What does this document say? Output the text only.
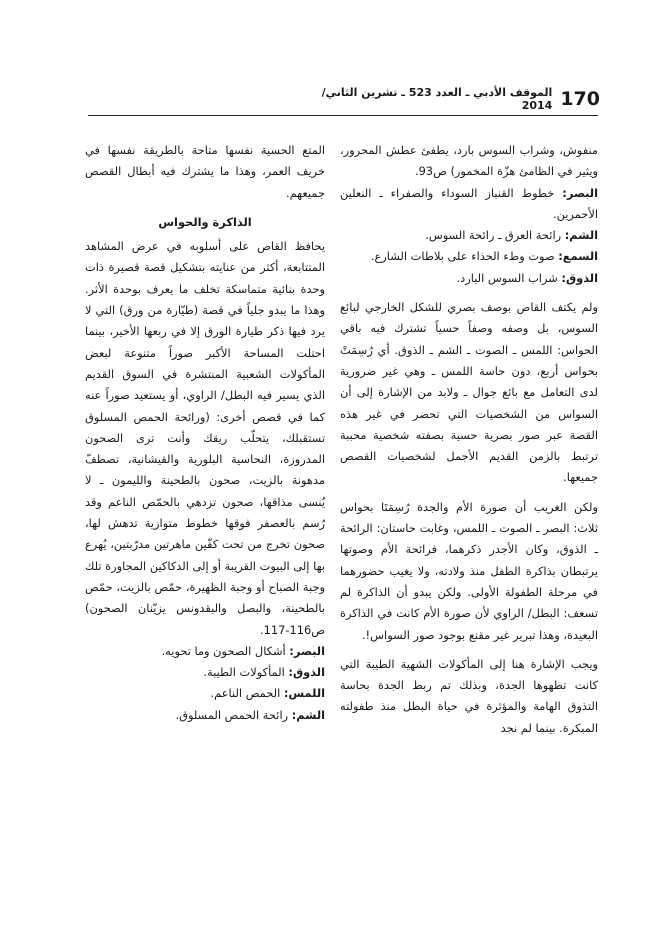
170
الموقف الأدبي ـ العدد 523 ـ تشرين الثاني/ 2014

منفوش، وشراب السوس بارد، يطفئ عطش المحرور، ويثير في الظامئ هزّة المخمور) ص93.

البصر: خطوط القنباز السوداء والصفراء ـ النعلين الأحمرين.

الشم: رائحة العرق ـ رائحة السوس.

السمع: صوت وطء الحذاء على بلاطات الشارع.

الذوق: شراب السوس البارد.

ولم يكتف القاص بوصف بصري للشكل الخارجي لبائع السوس، بل وصفه وصفاً حسياً تشترك فيه باقي الحواس: اللمس ـ الصوت ـ الشم ـ الذوق. أي رُسِمَتْ بحواس أربع، دون حاسة اللمس ـ وهي غير ضرورية لدى التعامل مع بائع جوال ـ ولابد من الإشارة إلى أن السواس من الشخصيات التي تحضر في غير هذه القصة عبر صور بصرية حسية بصفته شخصية محببة ترتبط بالزمن القديم الأجمل لشخصيات القصص جميعها.

ولكن الغريب أن صورة الأم والجدة رُسِمَتَا بحواس ثلاث: البصر ـ الصوت ـ اللمس، وغابت حاستان: الرائحة ـ الذوق، وكان الأجدر ذكرهما، فرائحة الأم وصوتها يرتبطان بذاكرة الطفل منذ ولادته، ولا يغيب حضورهما في مرحلة الطفولة الأولى. ولكن يبدو أن الذاكرة لم تسعف: البطل/ الراوي لأن صورة الأم كانت في الذاكرة البعيدة، وهذا تبرير غير مقنع بوجود صور السواس!.

ويجب الإشارة هنا إلى المأكولات الشهية الطيبة التي كانت تطهوها الجدة، وبذلك تم ربط الجدة بحاسة التذوق الهامة والمؤثرة في حياة البطل منذ طفولته المبكرة. بينما لم نجد

المتع الحسية نفسها متاحة بالطريقة نفسها في خريف العمر، وهذا ما يشترك فيه أبطال القصص جميعهم.

الذاكرة والحواس

يحافظ القاص على أسلوبه في عرض المشاهد المتتابعة، أكثر من عنايته بتشكيل قصة قصيرة ذات وحدة بنائية متماسكة تخلف ما يعرف بوحدة الأثر. وهذا ما يبدو جلياً في قصة (طيّارة من ورق) التي لا يرد فيها ذكر طيارة الورق إلا في ربعها الأخير، بينما احتلت المساحة الأكبر صوراً متنوعة لبعض المأكولات الشعبية المنتشرة في السوق القديم الذي يسير فيه البطل/ الراوي، أو يستعيد صوراً عنه كما في قصص أخرى: (ورائحة الحمص المسلوق تستقبلك، يتحلّب ريقك وأنت ترى الصحون المدروزة، النحاسية البلورية والقيشانية، تصطفّ مدهونة بالزيت، صحون بالطحينة والليمون ـ لا يُنسى مذاقها، صحون تزدهي بالحمّص الناعم وقد رُسم بالعصفر فوقها خطوط متوازية تدهش لها، صحون تخرج من تحت كفّين ماهرتين مدرّبتين، يُهرع بها إلى البيوت القريبة أو إلى الدكاكين المجاورة تلك وجبة الصباح أو وجبة الظهيرة، حمّص بالزيت، حمّص بالطحينة، والبصل والبقدونس يزيّنان الصحون) ص116-117.

البصر: أشكال الصحون وما تحويه.

الذوق: المأكولات الطيبة.

اللمس: الحمص الناعم.

الشم: رائحة الحمص المسلوق.
